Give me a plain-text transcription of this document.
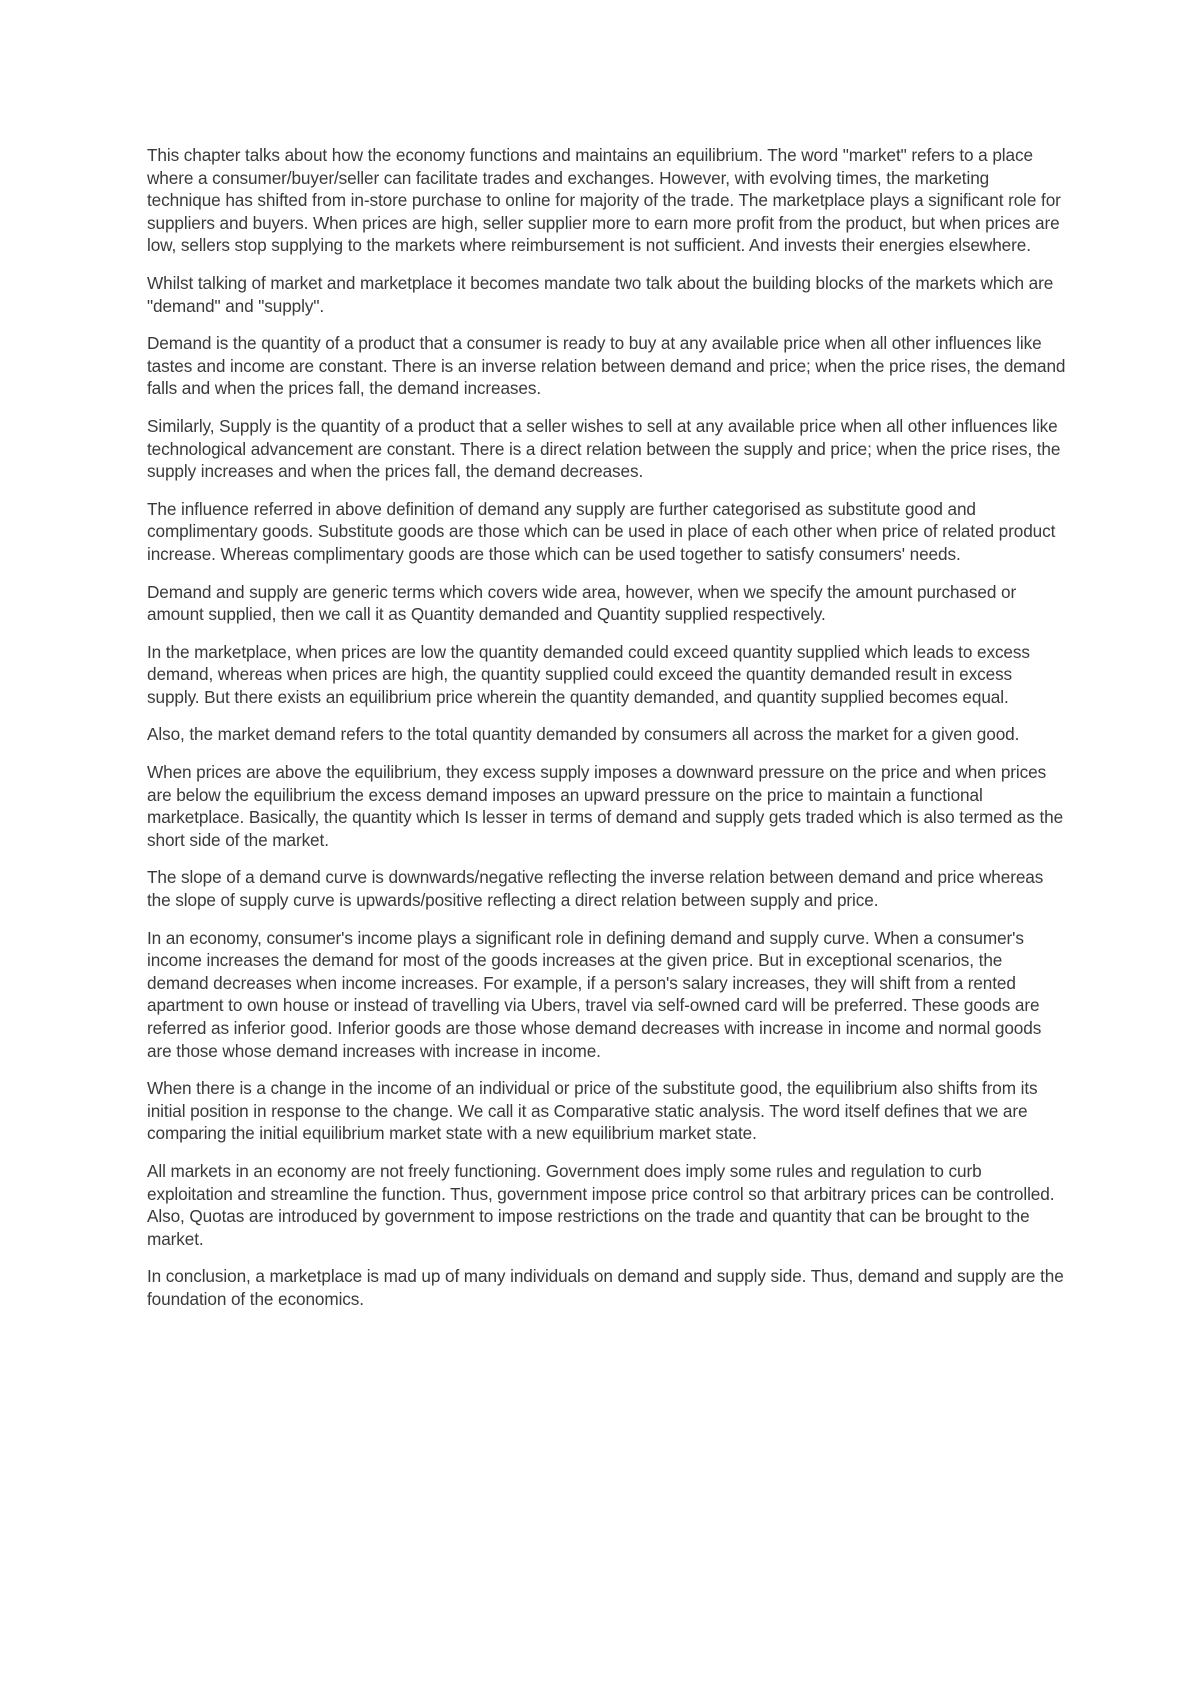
This chapter talks about how the economy functions and maintains an equilibrium. The word "market" refers to a place where a consumer/buyer/seller can facilitate trades and exchanges. However, with evolving times, the marketing technique has shifted from in-store purchase to online for majority of the trade. The marketplace plays a significant role for suppliers and buyers. When prices are high, seller supplier more to earn more profit from the product, but when prices are low, sellers stop supplying to the markets where reimbursement is not sufficient. And invests their energies elsewhere.

Whilst talking of market and marketplace it becomes mandate two talk about the building blocks of the markets which are "demand" and "supply".

Demand is the quantity of a product that a consumer is ready to buy at any available price when all other influences like tastes and income are constant. There is an inverse relation between demand and price; when the price rises, the demand falls and when the prices fall, the demand increases.

Similarly, Supply is the quantity of a product that a seller wishes to sell at any available price when all other influences like technological advancement are constant. There is a direct relation between the supply and price; when the price rises, the supply increases and when the prices fall, the demand decreases.

The influence referred in above definition of demand any supply are further categorised as substitute good and complimentary goods. Substitute goods are those which can be used in place of each other when price of related product increase. Whereas complimentary goods are those which can be used together to satisfy consumers' needs.

Demand and supply are generic terms which covers wide area, however, when we specify the amount purchased or amount supplied, then we call it as Quantity demanded and Quantity supplied respectively.

In the marketplace, when prices are low the quantity demanded could exceed quantity supplied which leads to excess demand, whereas when prices are high, the quantity supplied could exceed the quantity demanded result in excess supply. But there exists an equilibrium price wherein the quantity demanded, and quantity supplied becomes equal.

Also, the market demand refers to the total quantity demanded by consumers all across the market for a given good.

When prices are above the equilibrium, they excess supply imposes a downward pressure on the price and when prices are below the equilibrium the excess demand imposes an upward pressure on the price to maintain a functional marketplace. Basically, the quantity which Is lesser in terms of demand and supply gets traded which is also termed as the short side of the market.

The slope of a demand curve is downwards/negative reflecting the inverse relation between demand and price whereas the slope of supply curve is upwards/positive reflecting a direct relation between supply and price.

In an economy, consumer's income plays a significant role in defining demand and supply curve. When a consumer's income increases the demand for most of the goods increases at the given price. But in exceptional scenarios, the demand decreases when income increases. For example, if a person's salary increases, they will shift from a rented apartment to own house or instead of travelling via Ubers, travel via self-owned card will be preferred. These goods are referred as inferior good. Inferior goods are those whose demand decreases with increase in income and normal goods are those whose demand increases with increase in income.

When there is a change in the income of an individual or price of the substitute good, the equilibrium also shifts from its initial position in response to the change. We call it as Comparative static analysis. The word itself defines that we are comparing the initial equilibrium market state with a new equilibrium market state.

All markets in an economy are not freely functioning. Government does imply some rules and regulation to curb exploitation and streamline the function. Thus, government impose price control so that arbitrary prices can be controlled. Also, Quotas are introduced by government to impose restrictions on the trade and quantity that can be brought to the market.

In conclusion, a marketplace is mad up of many individuals on demand and supply side. Thus, demand and supply are the foundation of the economics.
